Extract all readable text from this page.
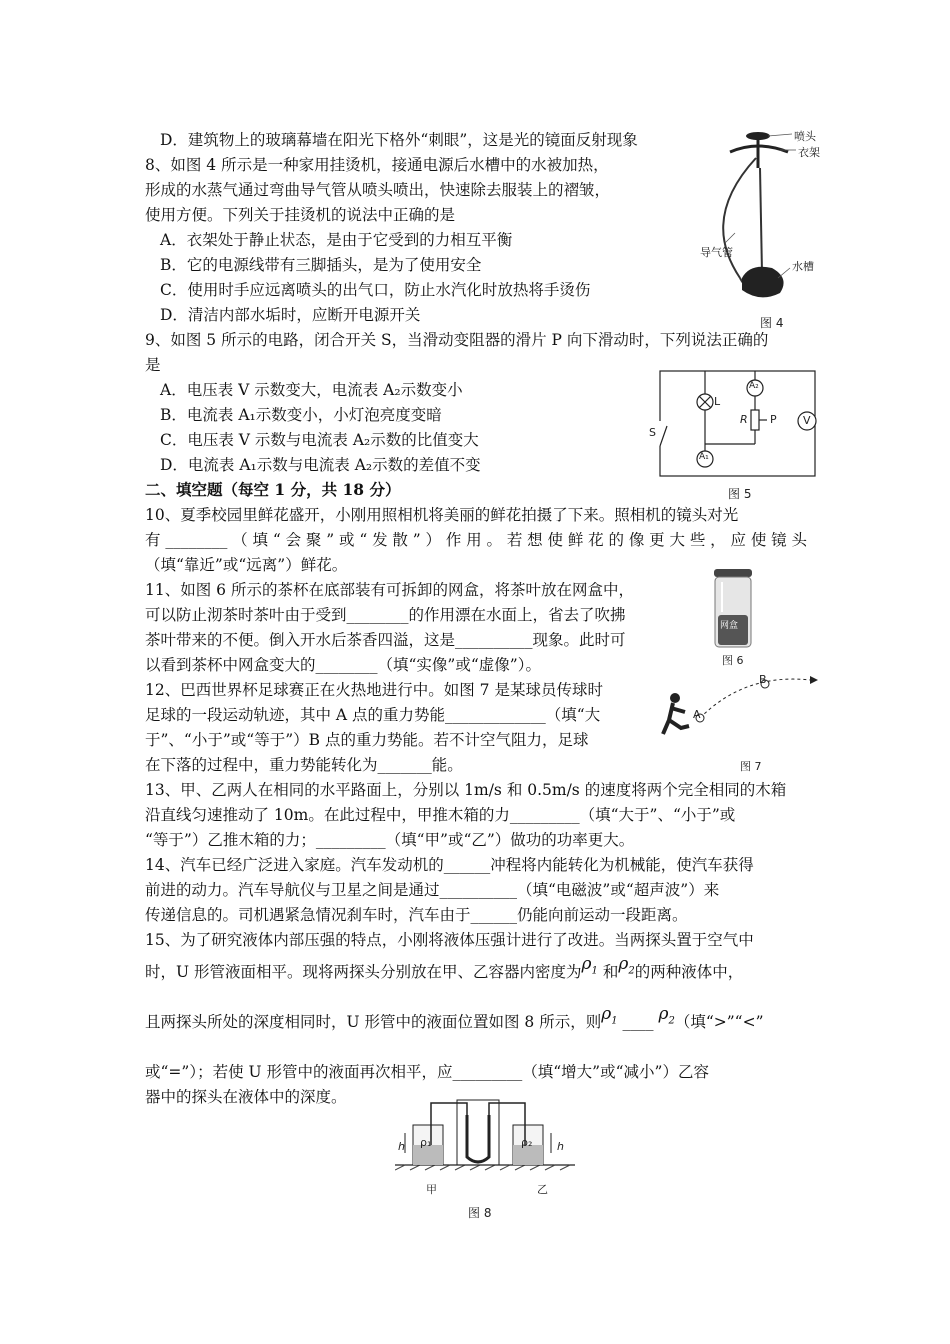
D．建筑物上的玻璃幕墙在阳光下格外“刺眼”，这是光的镜面反射现象
8、如图 4 所示是一种家用挂烫机，接通电源后水槽中的水被加热，
形成的水蒸气通过弯曲导气管从喷头喷出，快速除去服装上的褶皱，
使用方便。下列关于挂烫机的说法中正确的是
A．衣架处于静止状态，是由于它受到的力相互平衡
B．它的电源线带有三脚插头，是为了使用安全
C．使用时手应远离喷头的出气口，防止水汽化时放热将手烫伤
D．清洁内部水垢时，应断开电源开关
9、如图 5 所示的电路，闭合开关 S，当滑动变阻器的滑片 P 向下滑动时，下列说法正确的
是
A．电压表 V 示数变大，电流表 A₂示数变小
B．电流表 A₁示数变小，小灯泡亮度变暗
C．电压表 V 示数与电流表 A₂示数的比值变大
D．电流表 A₁示数与电流表 A₂示数的差值不变
二、填空题（每空 1 分，共 18 分）
10、夏季校园里鲜花盛开，小刚用照相机将美丽的鲜花拍摄了下来。照相机的镜头对光
有________（填“会聚”或“发散”）作用。若想使鲜花的像更大些，应使镜头
（填“靠近”或“远离”）鲜花。
11、如图 6 所示的茶杯在底部装有可拆卸的网盒，将茶叶放在网盒中，
可以防止沏茶时茶叶由于受到________的作用漂在水面上，省去了吹拂
茶叶带来的不便。倒入开水后茶香四溢，这是__________现象。此时可
以看到茶杯中网盒变大的________（填“实像”或“虚像”）。
12、巴西世界杯足球赛正在火热地进行中。如图 7 是某球员传球时
足球的一段运动轨迹，其中 A 点的重力势能_____________（填“大
于”、“小于”或“等于”）B 点的重力势能。若不计空气阻力，足球
在下落的过程中，重力势能转化为_______能。
13、甲、乙两人在相同的水平路面上，分别以 1m/s 和 0.5m/s 的速度将两个完全相同的木箱
沿直线匀速推动了 10m。在此过程中，甲推木箱的力_________（填“大于”、“小于”或
“等于”）乙推木箱的力；_________（填“甲”或“乙”）做功的功率更大。
14、汽车已经广泛进入家庭。汽车发动机的______冲程将内能转化为机械能，使汽车获得
前进的动力。汽车导航仪与卫星之间是通过__________（填“电磁波”或“超声波”）来
传递信息的。司机遇紧急情况刹车时，汽车由于______仍能向前运动一段距离。
15、为了研究液体内部压强的特点，小刚将液体压强计进行了改进。当两探头置于空气中
时，U 形管液面相平。现将两探头分别放在甲、乙容器内密度为$\rho_1$ 和$\rho_2$的两种液体中，
且两探头所处的深度相同时，U 形管中的液面位置如图 8 所示，则$\rho_1$ ____ $\rho_2$（填“>”“<”
或“=”）；若使 U 形管中的液面再次相平，应_________（填“增大”或“减小”）乙容
器中的探头在液体中的深度。
喷头
衣架
导气管
水槽
图 4
L
A₂
R P
S
V
A₁
图 5
网盒
图 6
A
B
图 7
h	h
ρ₁	ρ₂
甲	乙
图 8
